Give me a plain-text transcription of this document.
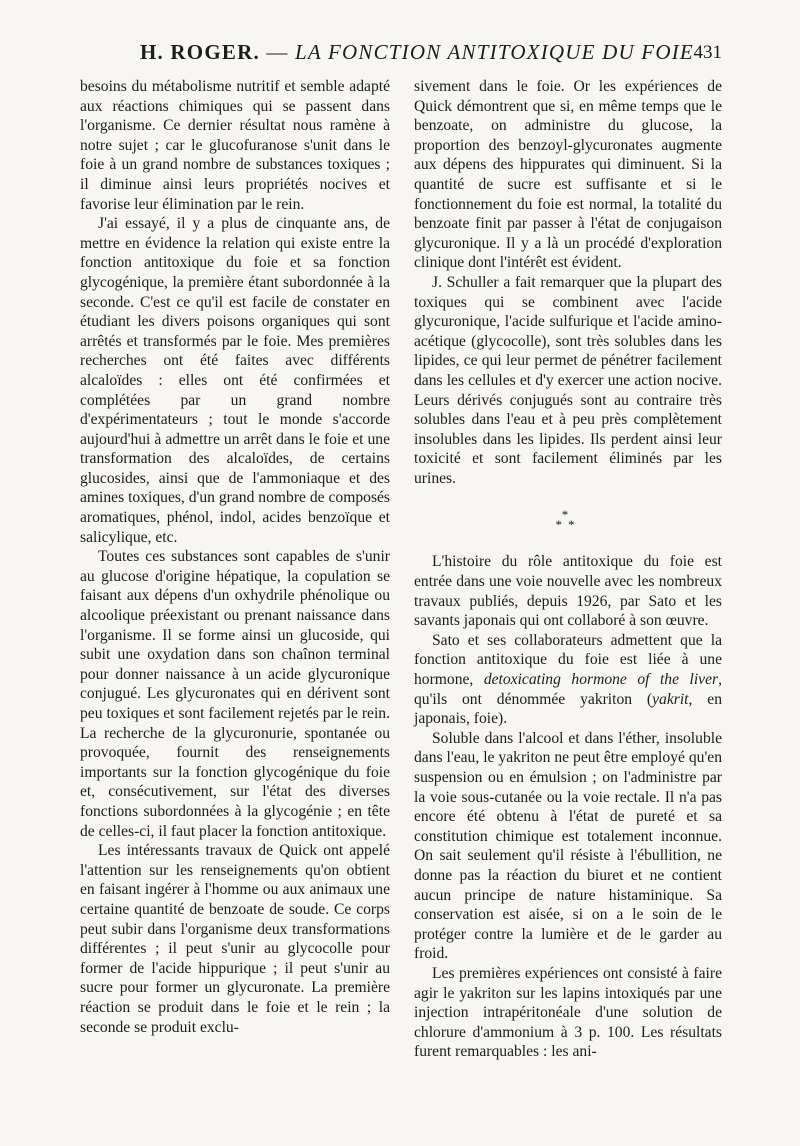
H. ROGER. — LA FONCTION ANTITOXIQUE DU FOIE 431

besoins du métabolisme nutritif et semble adapté aux réactions chimiques qui se passent dans l'organisme. Ce dernier résultat nous ramène à notre sujet ; car le glucofuranose s'unit dans le foie à un grand nombre de substances toxiques ; il diminue ainsi leurs propriétés nocives et favorise leur élimination par le rein.

J'ai essayé, il y a plus de cinquante ans, de mettre en évidence la relation qui existe entre la fonction antitoxique du foie et sa fonction glycogénique, la première étant subordonnée à la seconde. C'est ce qu'il est facile de constater en étudiant les divers poisons organiques qui sont arrêtés et transformés par le foie. Mes premières recherches ont été faites avec différents alcaloïdes : elles ont été confirmées et complétées par un grand nombre d'expérimentateurs ; tout le monde s'accorde aujourd'hui à admettre un arrêt dans le foie et une transformation des alcaloïdes, de certains glucosides, ainsi que de l'ammoniaque et des amines toxiques, d'un grand nombre de composés aromatiques, phénol, indol, acides benzoïque et salicylique, etc.

Toutes ces substances sont capables de s'unir au glucose d'origine hépatique, la copulation se faisant aux dépens d'un oxhydrile phénolique ou alcoolique préexistant ou prenant naissance dans l'organisme. Il se forme ainsi un glucoside, qui subit une oxydation dans son chaînon terminal pour donner naissance à un acide glycuronique conjugué. Les glycuronates qui en dérivent sont peu toxiques et sont facilement rejetés par le rein. La recherche de la glycuronurie, spontanée ou provoquée, fournit des renseignements importants sur la fonction glycogénique du foie et, consécutivement, sur l'état des diverses fonctions subordonnées à la glycogénie ; en tête de celles-ci, il faut placer la fonction antitoxique.

Les intéressants travaux de Quick ont appelé l'attention sur les renseignements qu'on obtient en faisant ingérer à l'homme ou aux animaux une certaine quantité de benzoate de soude. Ce corps peut subir dans l'organisme deux transformations différentes ; il peut s'unir au glycocolle pour former de l'acide hippurique ; il peut s'unir au sucre pour former un glycuronate. La première réaction se produit dans le foie et le rein ; la seconde se produit exclu-

sivement dans le foie. Or les expériences de Quick démontrent que si, en même temps que le benzoate, on administre du glucose, la proportion des benzoyl-glycuronates augmente aux dépens des hippurates qui diminuent. Si la quantité de sucre est suffisante et si le fonctionnement du foie est normal, la totalité du benzoate finit par passer à l'état de conjugaison glycuronique. Il y a là un procédé d'exploration clinique dont l'intérêt est évident.

J. Schuller a fait remarquer que la plupart des toxiques qui se combinent avec l'acide glycuronique, l'acide sulfurique et l'acide amino-acétique (glycocolle), sont très solubles dans les lipides, ce qui leur permet de pénétrer facilement dans les cellules et d'y exercer une action nocive. Leurs dérivés conjugués sont au contraire très solubles dans l'eau et à peu près complètement insolubles dans les lipides. Ils perdent ainsi leur toxicité et sont facilement éliminés par les urines.

*
**

L'histoire du rôle antitoxique du foie est entrée dans une voie nouvelle avec les nombreux travaux publiés, depuis 1926, par Sato et les savants japonais qui ont collaboré à son œuvre.

Sato et ses collaborateurs admettent que la fonction antitoxique du foie est liée à une hormone, detoxicating hormone of the liver, qu'ils ont dénommée yakriton (yakrit, en japonais, foie).

Soluble dans l'alcool et dans l'éther, insoluble dans l'eau, le yakriton ne peut être employé qu'en suspension ou en émulsion ; on l'administre par la voie sous-cutanée ou la voie rectale. Il n'a pas encore été obtenu à l'état de pureté et sa constitution chimique est totalement inconnue. On sait seulement qu'il résiste à l'ébullition, ne donne pas la réaction du biuret et ne contient aucun principe de nature histaminique. Sa conservation est aisée, si on a le soin de le protéger contre la lumière et de le garder au froid.

Les premières expériences ont consisté à faire agir le yakriton sur les lapins intoxiqués par une injection intrapéritonéale d'une solution de chlorure d'ammonium à 3 p. 100. Les résultats furent remarquables : les ani-
